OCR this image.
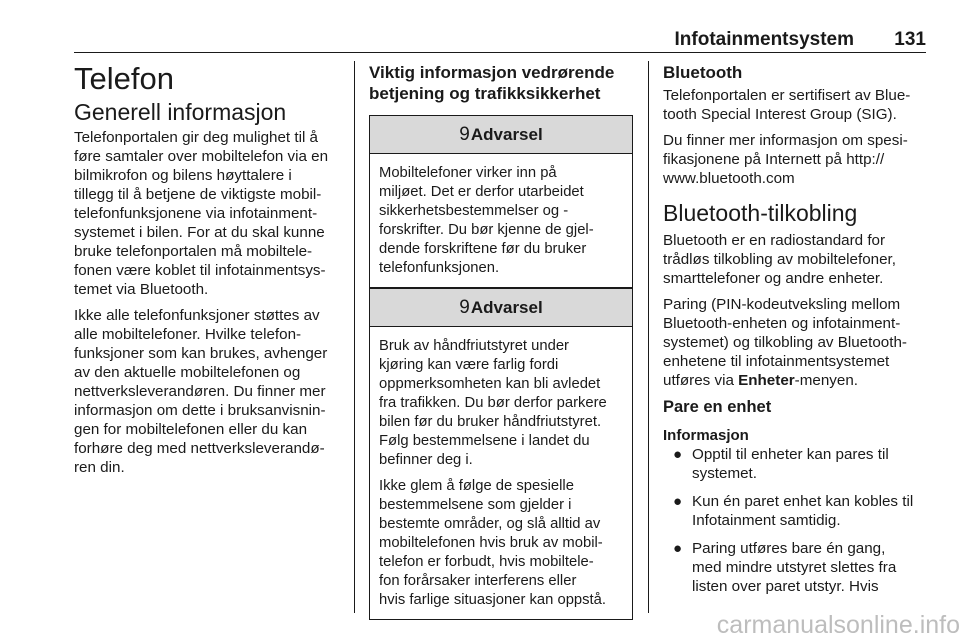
Infotainmentsystem 131
Telefon
Generell informasjon
Telefonportalen gir deg mulighet til å
føre samtaler over mobiltelefon via en
bilmikrofon og bilens høyttalere i
tillegg til å betjene de viktigste mobil-
telefonfunksjonene via infotainment-
systemet i bilen. For at du skal kunne
bruke telefonportalen må mobiltele-
fonen være koblet til infotainmentsys-
temet via Bluetooth.
Ikke alle telefonfunksjoner støttes av
alle mobiltelefoner. Hvilke telefon-
funksjoner som kan brukes, avhenger
av den aktuelle mobiltelefonen og
nettverksleverandøren. Du finner mer
informasjon om dette i bruksanvisnin-
gen for mobiltelefonen eller du kan
forhøre deg med nettverksleverandø-
ren din.
Viktig informasjon vedrørende
betjening og trafikksikkerhet
9 Advarsel
Mobiltelefoner virker inn på
miljøet. Det er derfor utarbeidet
sikkerhetsbestemmelser og -
forskrifter. Du bør kjenne de gjel-
dende forskriftene før du bruker
telefonfunksjonen.
9 Advarsel
Bruk av håndfriutstyret under
kjøring kan være farlig fordi
oppmerksomheten kan bli avledet
fra trafikken. Du bør derfor parkere
bilen før du bruker håndfriutstyret.
Følg bestemmelsene i landet du
befinner deg i.
Ikke glem å følge de spesielle
bestemmelsene som gjelder i
bestemte områder, og slå alltid av
mobiltelefonen hvis bruk av mobil-
telefon er forbudt, hvis mobiltele-
fon forårsaker interferens eller
hvis farlige situasjoner kan oppstå.
Bluetooth
Telefonportalen er sertifisert av Blue-
tooth Special Interest Group (SIG).
Du finner mer informasjon om spesi-
fikasjonene på Internett på http://
www.bluetooth.com
Bluetooth-tilkobling
Bluetooth er en radiostandard for
trådløs tilkobling av mobiltelefoner,
smarttelefoner og andre enheter.
Paring (PIN-kodeutveksling mellom
Bluetooth-enheten og infotainment-
systemet) og tilkobling av Bluetooth-
enhetene til infotainmentsystemet
utføres via Enheter-menyen.
Pare en enhet
Informasjon
● Opptil til enheter kan pares til
systemet.
● Kun én paret enhet kan kobles til
Infotainment samtidig.
● Paring utføres bare én gang,
med mindre utstyret slettes fra
listen over paret utstyr. Hvis
carmanualsonline.info
